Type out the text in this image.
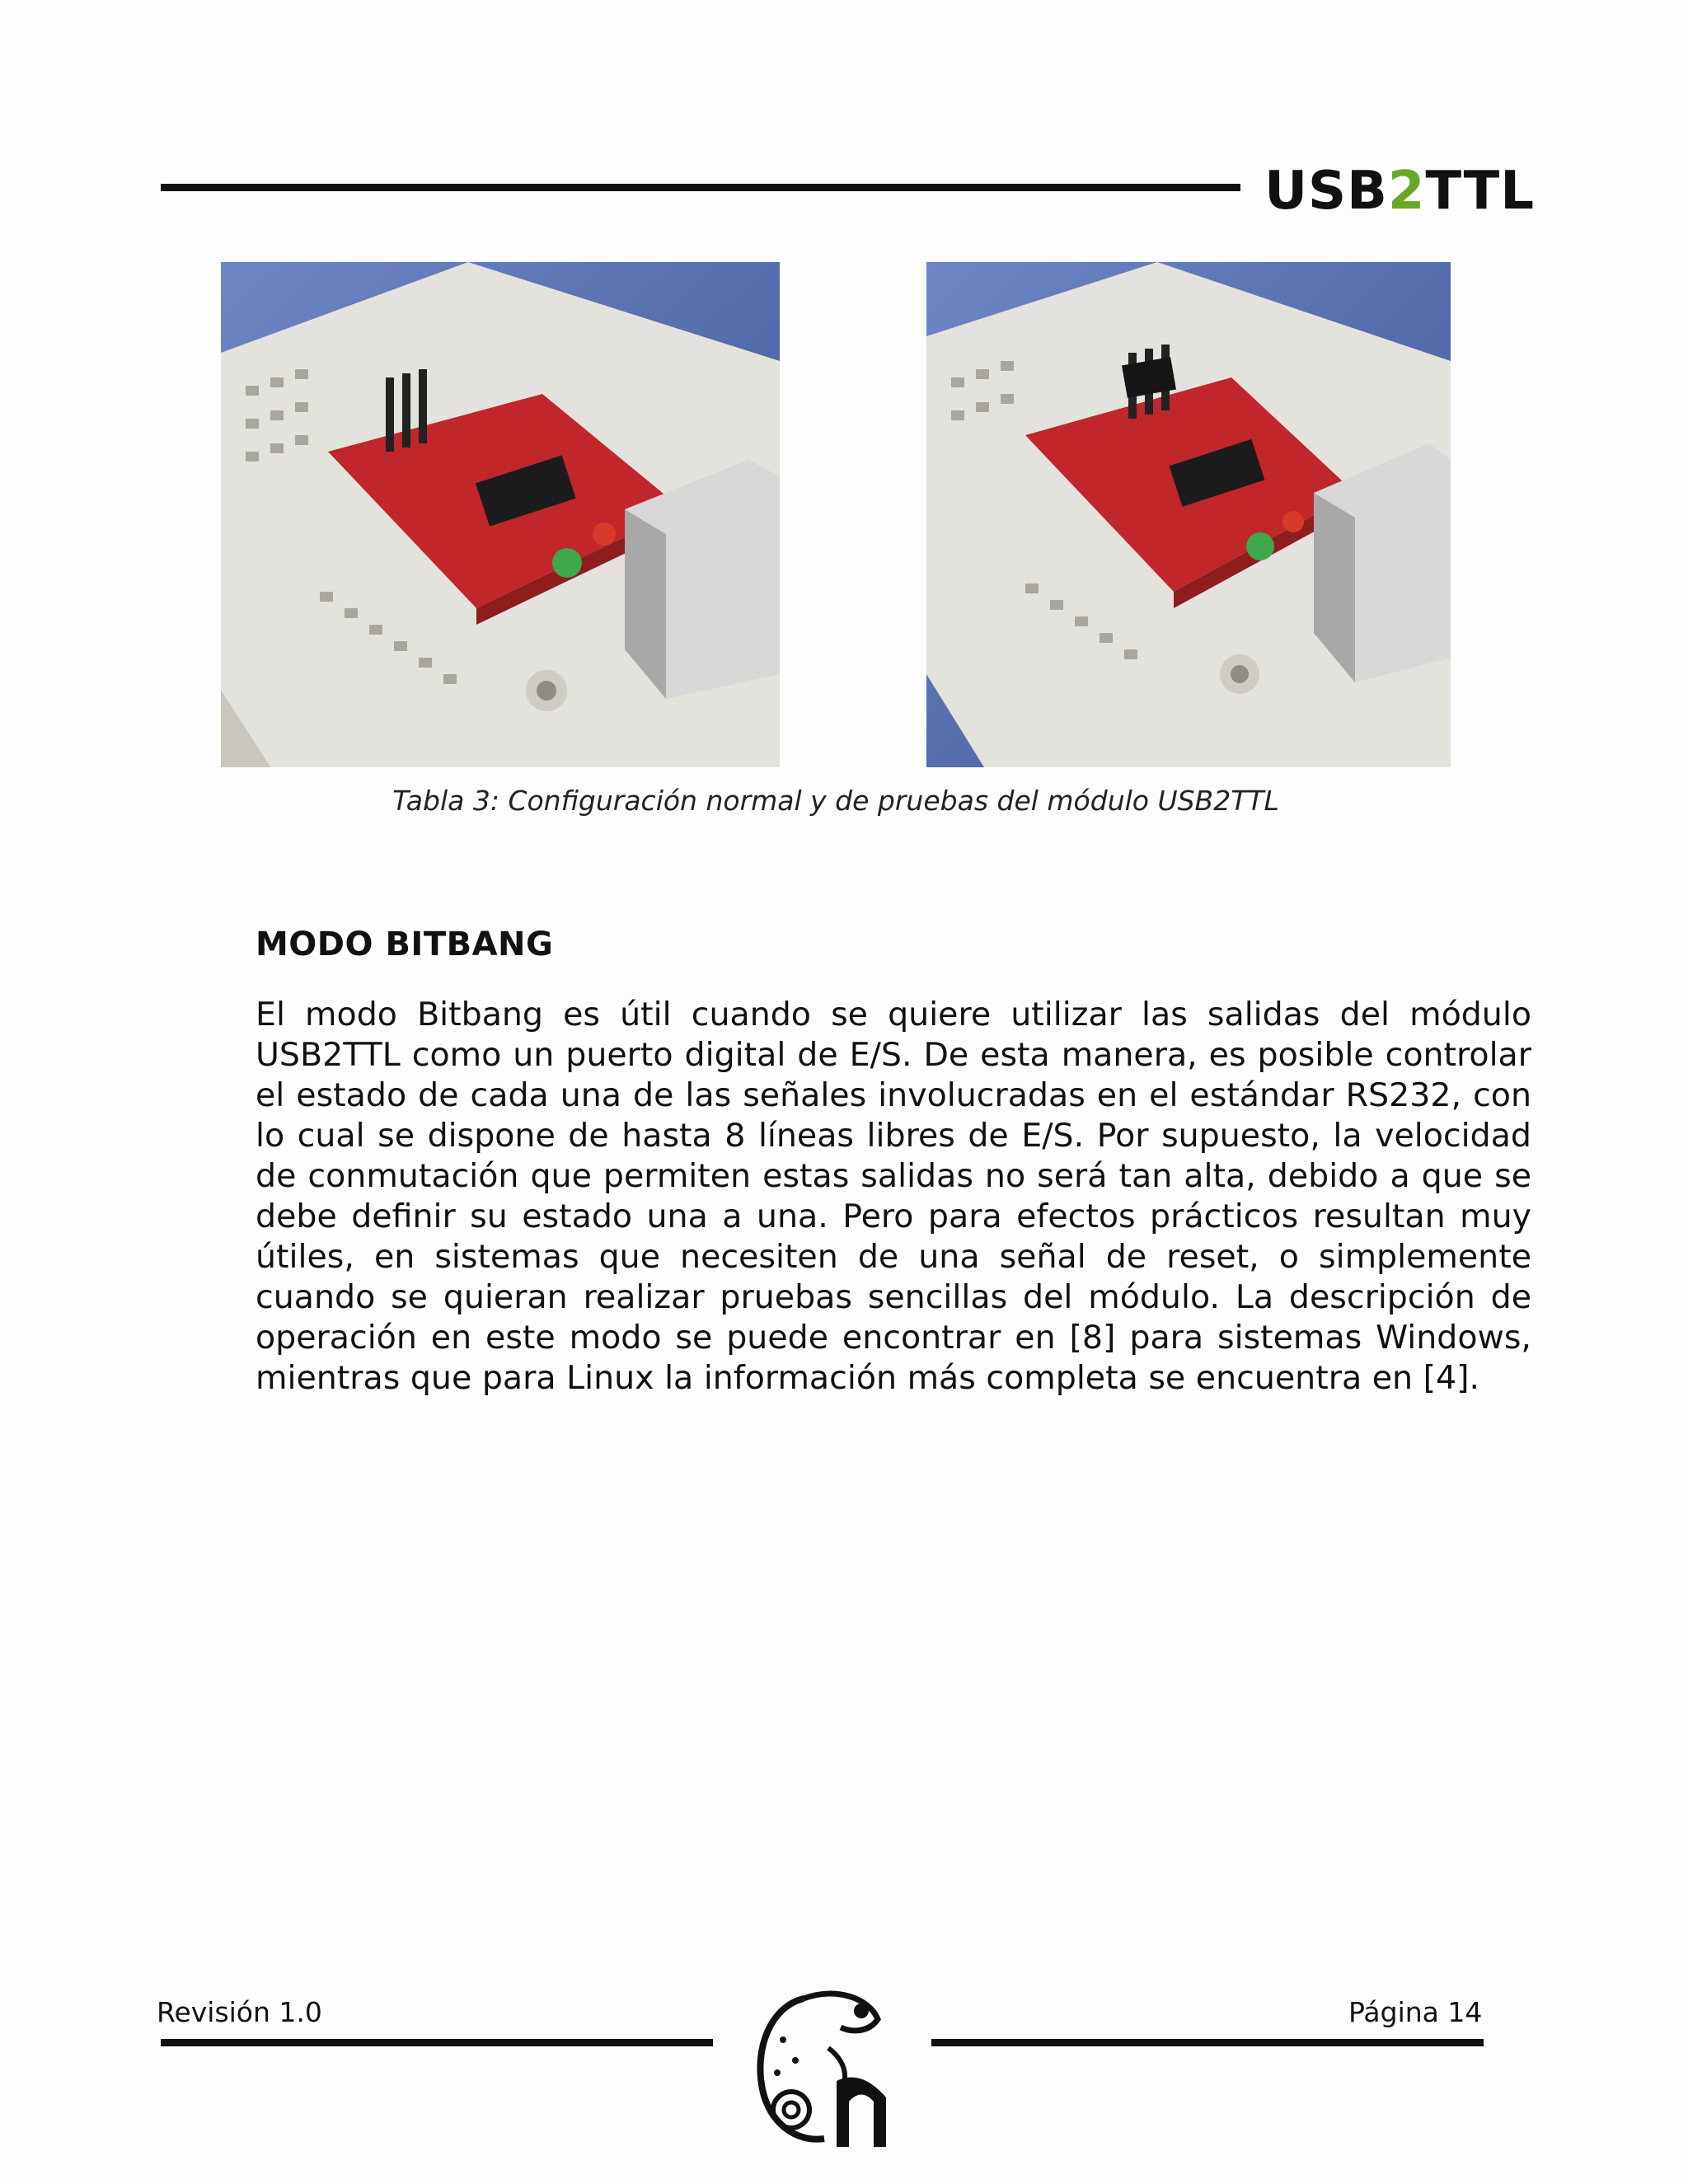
USB2TTL
Tabla 3: Configuración normal y de pruebas del módulo USB2TTL
MODO BITBANG
El modo Bitbang es útil cuando se quiere utilizar las salidas del módulo USB2TTL como un puerto digital de E/S. De esta manera, es posible controlar el estado de cada una de las señales involucradas en el estándar RS232, con lo cual se dispone de hasta 8 líneas libres de E/S. Por supuesto, la velocidad de conmutación que permiten estas salidas no será tan alta, debido a que se debe definir su estado una a una. Pero para efectos prácticos resultan muy útiles, en sistemas que necesiten de una señal de reset, o simplemente cuando se quieran realizar pruebas sencillas del módulo. La descripción de operación en este modo se puede encontrar en [8] para sistemas Windows, mientras que para Linux la información más completa se encuentra en [4].
Revisión 1.0	Página 14
